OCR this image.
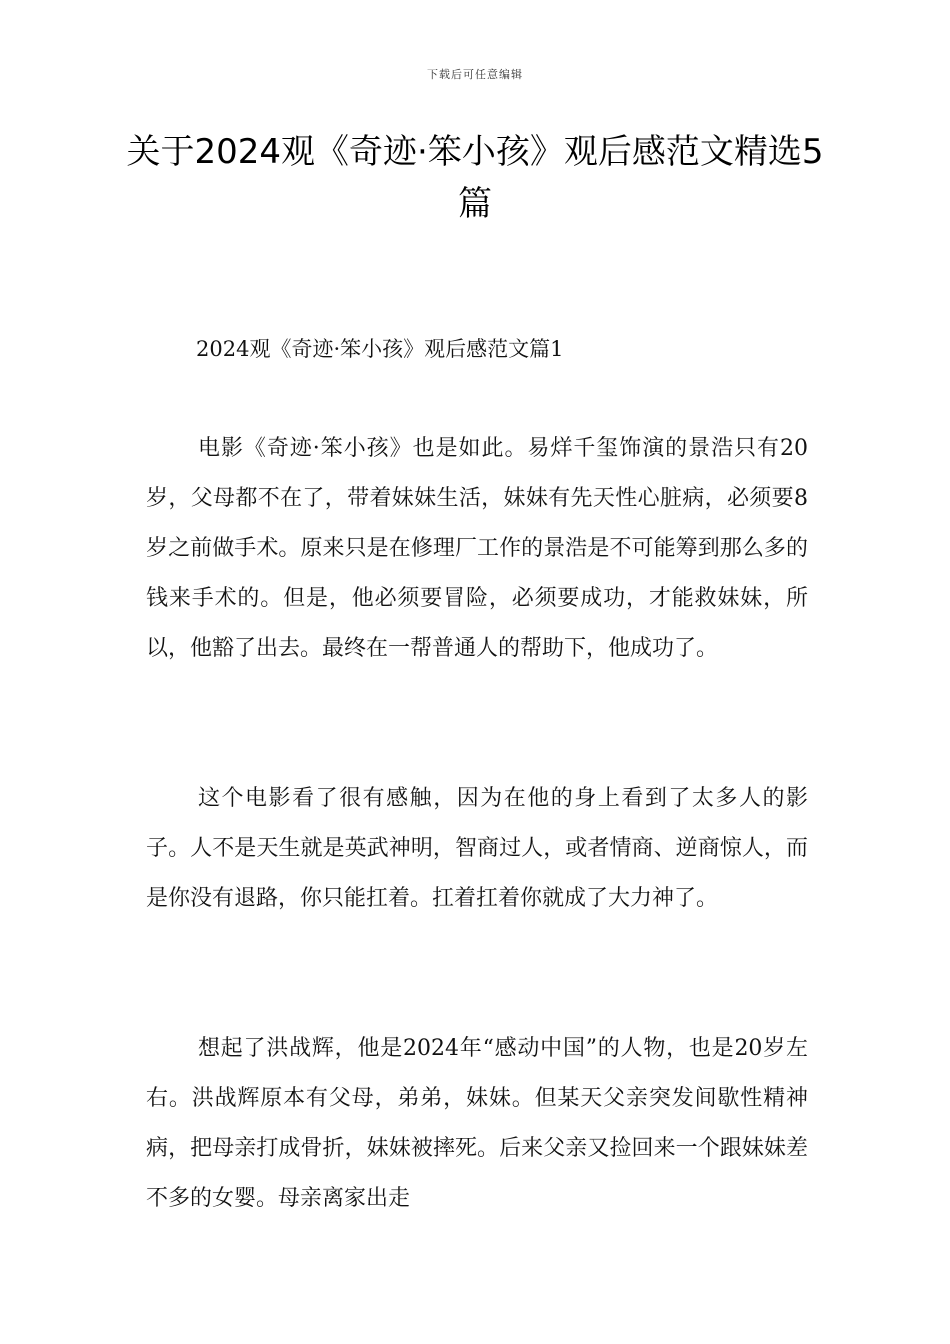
下载后可任意编辑
关于2024观《奇迹·笨小孩》观后感范文精选5篇
2024观《奇迹·笨小孩》观后感范文篇1

电影《奇迹·笨小孩》也是如此。易烊千玺饰演的景浩只有20岁，父母都不在了，带着妹妹生活，妹妹有先天性心脏病，必须要8岁之前做手术。原来只是在修理厂工作的景浩是不可能筹到那么多的钱来手术的。但是，他必须要冒险，必须要成功，才能救妹妹，所以，他豁了出去。最终在一帮普通人的帮助下，他成功了。

这个电影看了很有感触，因为在他的身上看到了太多人的影子。人不是天生就是英武神明，智商过人，或者情商、逆商惊人，而是你没有退路，你只能扛着。扛着扛着你就成了大力神了。

想起了洪战辉，他是2024年“感动中国”的人物，也是20岁左右。洪战辉原本有父母，弟弟，妹妹。但某天父亲突发间歇性精神病，把母亲打成骨折，妹妹被摔死。后来父亲又捡回来一个跟妹妹差不多的女婴。母亲离家出走
